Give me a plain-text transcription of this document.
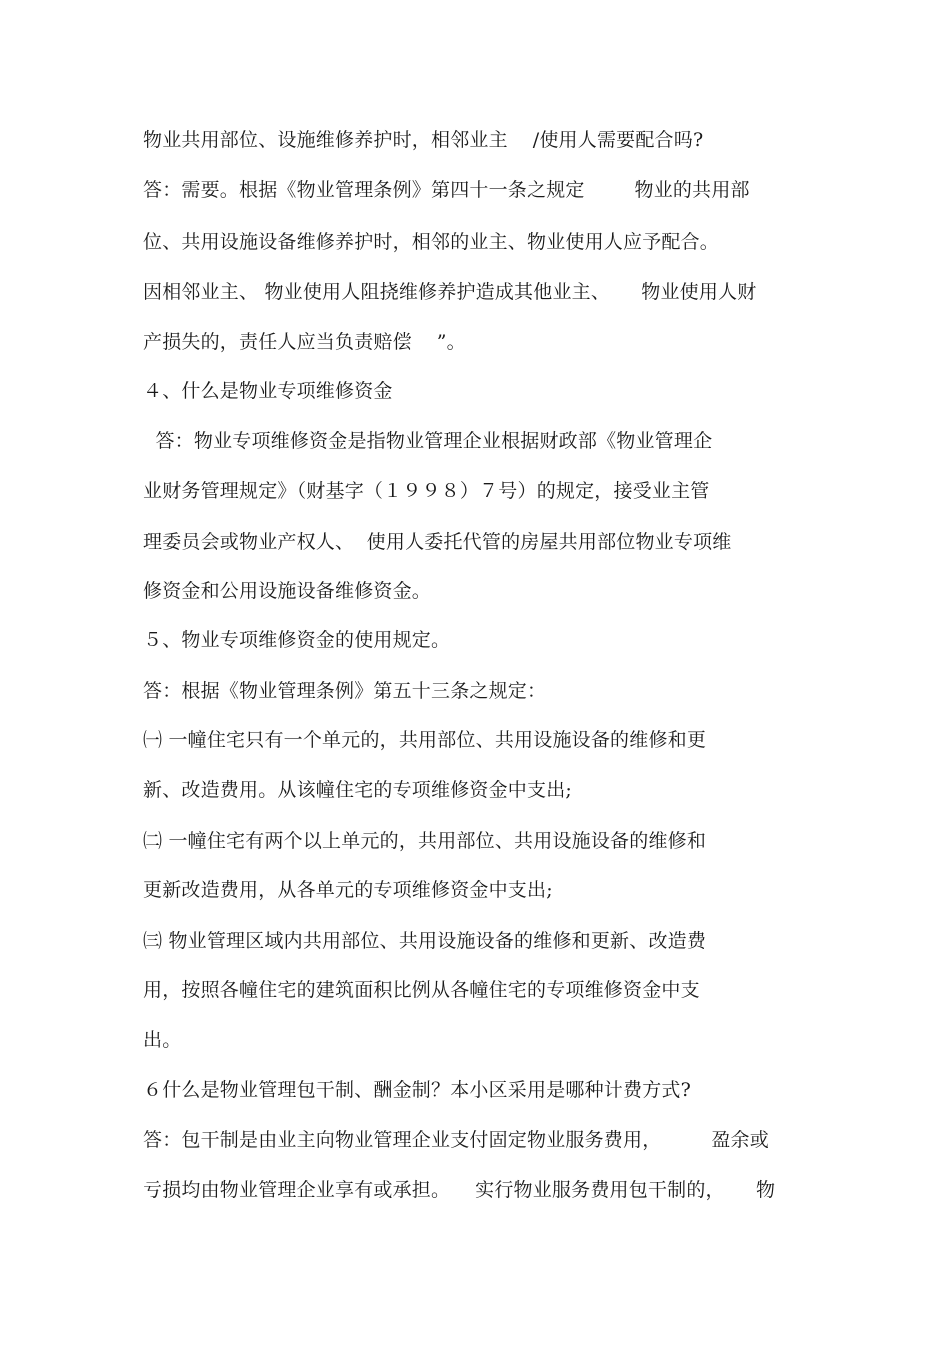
物业共用部位、设施维修养护时，相邻业主    /使用人需要配合吗?
答：需要。根据《物业管理条例》第四十一条之规定        物业的共用部
位、共用设施设备维修养护时，相邻的业主、物业使用人应予配合。
因相邻业主、 物业使用人阻挠维修养护造成其他业主、     物业使用人财
产损失的，责任人应当负责赔偿    ”。
４、什么是物业专项维修资金
答：物业专项维修资金是指物业管理企业根据财政部《物业管理企
业财务管理规定》（财基字（１９９８）７号）的规定，接受业主管
理委员会或物业产权人、  使用人委托代管的房屋共用部位物业专项维
修资金和公用设施设备维修资金。
５、物业专项维修资金的使用规定。
答：根据《物业管理条例》第五十三条之规定：
㈠ 一幢住宅只有一个单元的，共用部位、共用设施设备的维修和更
新、改造费用。从该幢住宅的专项维修资金中支出;
㈡ 一幢住宅有两个以上单元的，共用部位、共用设施设备的维修和
更新改造费用，从各单元的专项维修资金中支出;
㈢ 物业管理区域内共用部位、共用设施设备的维修和更新、改造费
用，按照各幢住宅的建筑面积比例从各幢住宅的专项维修资金中支
出。
６什么是物业管理包干制、酬金制？本小区采用是哪种计费方式?
答：包干制是由业主向物业管理企业支付固定物业服务费用，        盈余或
亏损均由物业管理企业享有或承担。    实行物业服务费用包干制的，     物
